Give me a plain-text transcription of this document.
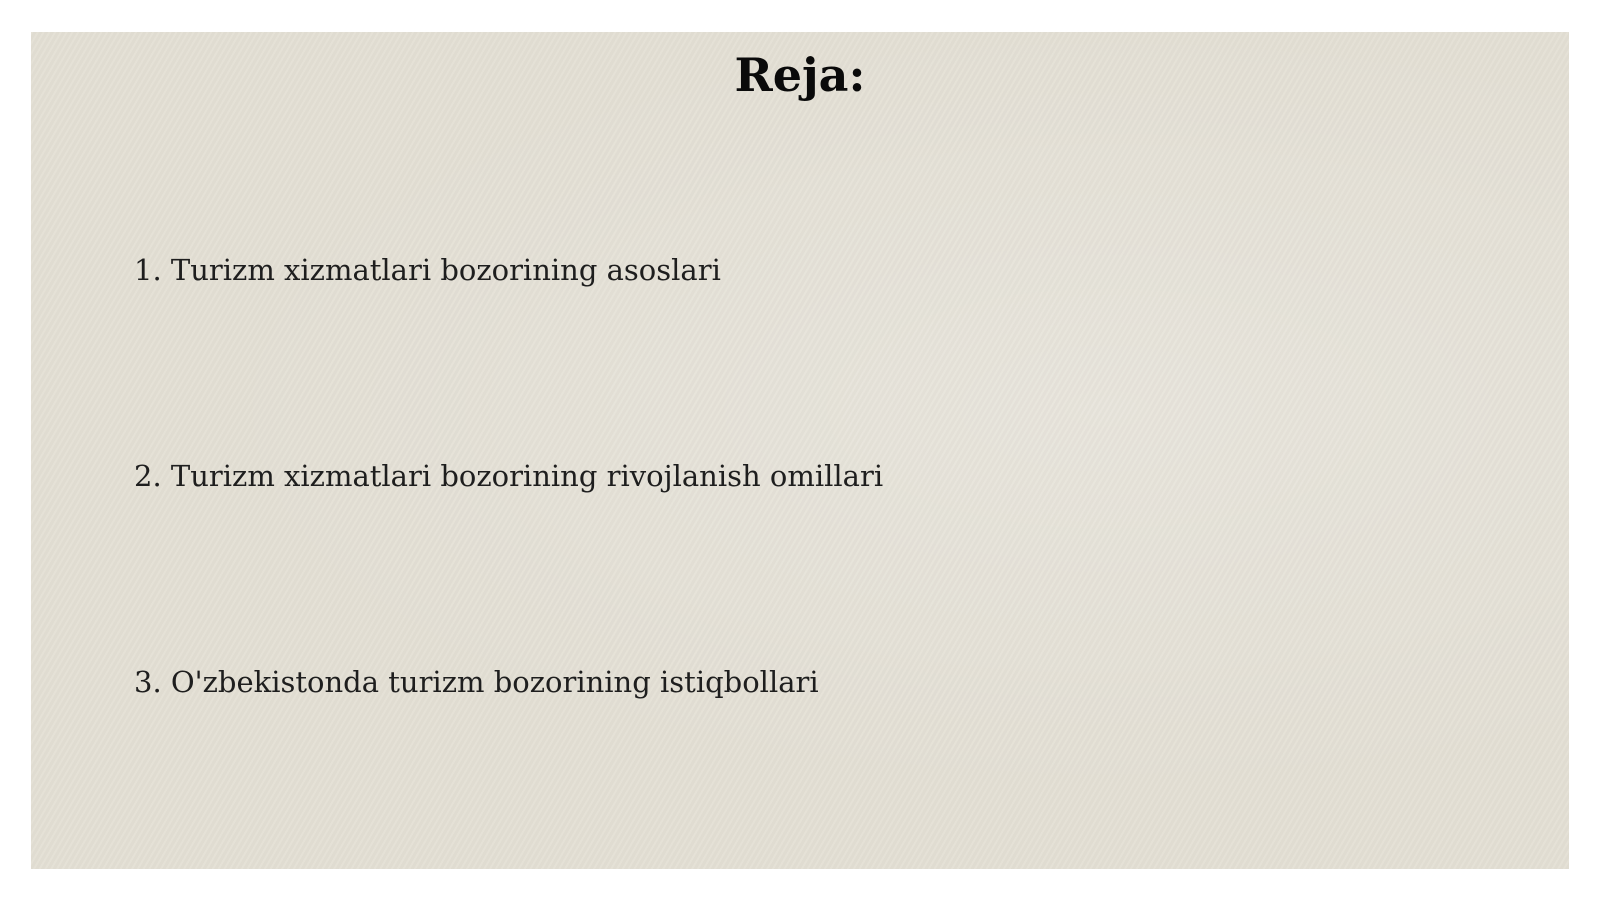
Reja:
1. Turizm xizmatlari bozorining asoslari
2. Turizm xizmatlari bozorining rivojlanish omillari
3. O'zbekistonda turizm bozorining istiqbollari
